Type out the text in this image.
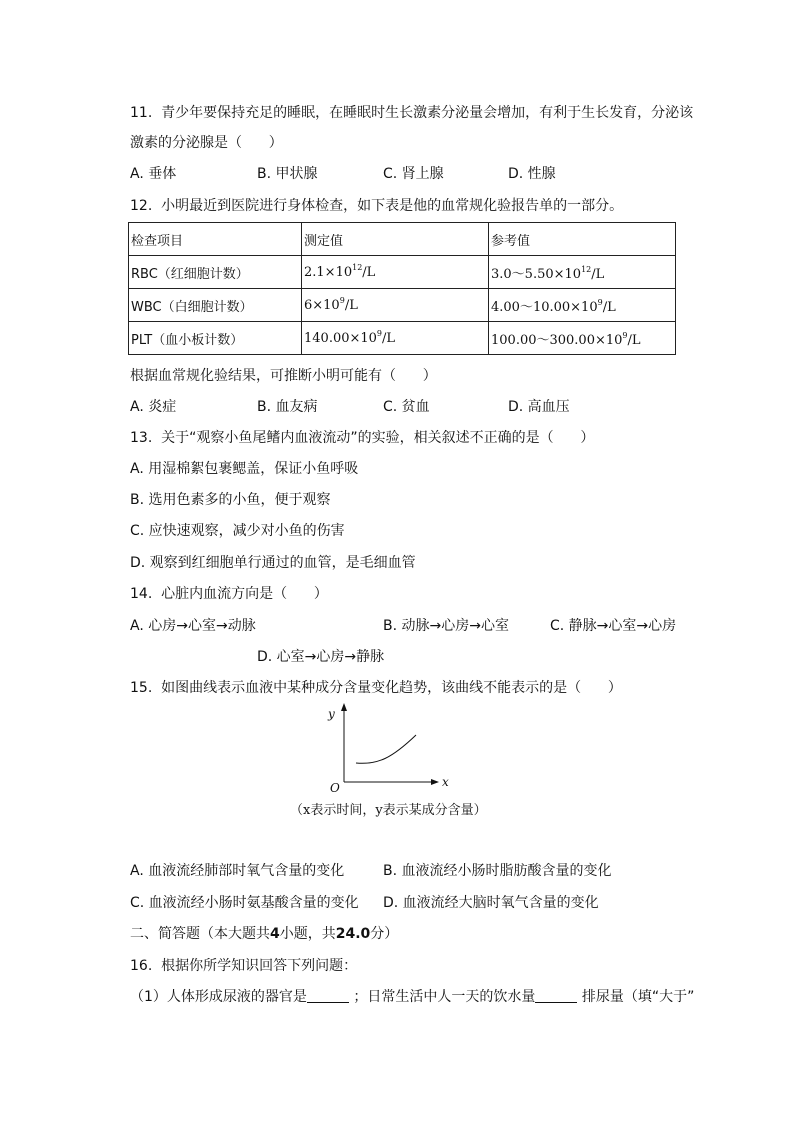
11.  青少年要保持充足的睡眠，在睡眠时生长激素分泌量会增加，有利于生长发育，分泌该
激素的分泌腺是（      ）
A. 垂体	B. 甲状腺	C. 肾上腺	D. 性腺
12.  小明最近到医院进行身体检查，如下表是他的血常规化验报告单的一部分。
检查项目	测定值	参考值
RBC（红细胞计数）	$2.1\times 10^{12}/L$	$3.0\sim 5.50\times 10^{12}/L$
WBC（白细胞计数）	$6\times 10^9/L$	$4.00\sim 10.00\times 10^9/L$
PLT（血小板计数）	$140.00\times 10^9/L$	$100.00\sim 300.00\times 10^9/L$
根据血常规化验结果，可推断小明可能有（      ）
A. 炎症	B. 血友病	C. 贫血	D. 高血压
13.  关于“观察小鱼尾鳍内血液流动”的实验，相关叙述不正确的是（      ）
A. 用湿棉絮包裹鳃盖，保证小鱼呼吸
B. 选用色素多的小鱼，便于观察
C. 应快速观察，减少对小鱼的伤害
D. 观察到红细胞单行通过的血管，是毛细血管
14.  心脏内血流方向是（      ）
A. 心房→心室→动脉	B. 动脉→心房→心室	C. 静脉→心室→心房
D. 心室→心房→静脉
15.  如图曲线表示血液中某种成分含量变化趋势，该曲线不能表示的是（      ）
y
x
O
（x表示时间，y表示某成分含量）
A. 血液流经肺部时氧气含量的变化	B. 血液流经小肠时脂肪酸含量的变化
C. 血液流经小肠时氨基酸含量的变化 D. 血液流经大脑时氧气含量的变化
二、简答题（本大题共4小题，共24.0分）
16.  根据你所学知识回答下列问题：
（1）人体形成尿液的器官是	；日常生活中人一天的饮水量	排尿量（填“大于”
